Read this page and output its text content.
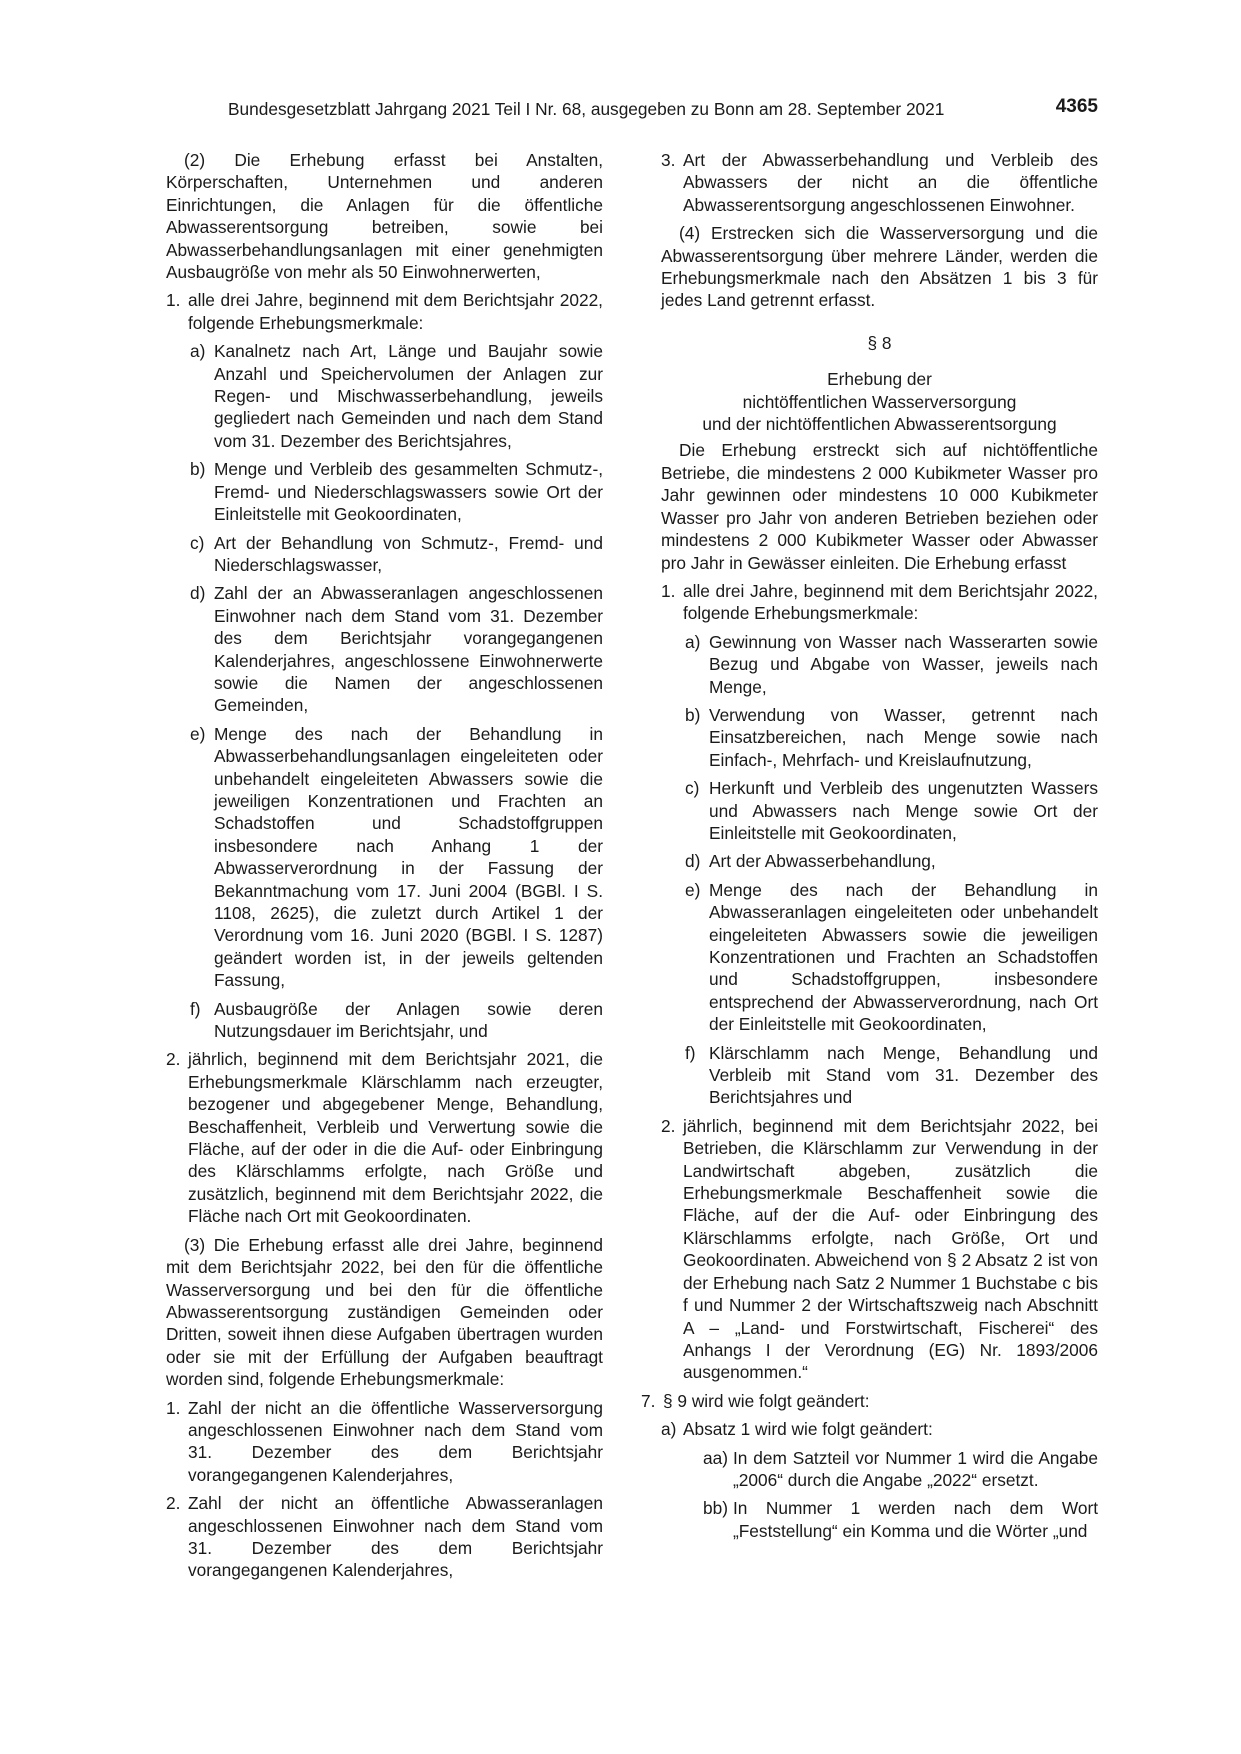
Bundesgesetzblatt Jahrgang 2021 Teil I Nr. 68, ausgegeben zu Bonn am 28. September 2021	4365

(2) Die Erhebung erfasst bei Anstalten, Körperschaften, Unternehmen und anderen Einrichtungen, die Anlagen für die öffentliche Abwasserentsorgung betreiben, sowie bei Abwasserbehandlungsanlagen mit einer genehmigten Ausbaugröße von mehr als 50 Einwohnerwerten,

1. alle drei Jahre, beginnend mit dem Berichtsjahr 2022, folgende Erhebungsmerkmale:
a) Kanalnetz nach Art, Länge und Baujahr sowie Anzahl und Speichervolumen der Anlagen zur Regen- und Mischwasserbehandlung, jeweils gegliedert nach Gemeinden und nach dem Stand vom 31. Dezember des Berichtsjahres,
b) Menge und Verbleib des gesammelten Schmutz-, Fremd- und Niederschlagswassers sowie Ort der Einleitstelle mit Geokoordinaten,
c) Art der Behandlung von Schmutz-, Fremd- und Niederschlagswasser,
d) Zahl der an Abwasseranlagen angeschlossenen Einwohner nach dem Stand vom 31. Dezember des dem Berichtsjahr vorangegangenen Kalenderjahres, angeschlossene Einwohnerwerte sowie die Namen der angeschlossenen Gemeinden,
e) Menge des nach der Behandlung in Abwasserbehandlungsanlagen eingeleiteten oder unbehandelt eingeleiteten Abwassers sowie die jeweiligen Konzentrationen und Frachten an Schadstoffen und Schadstoffgruppen insbesondere nach Anhang 1 der Abwasserverordnung in der Fassung der Bekanntmachung vom 17. Juni 2004 (BGBl. I S. 1108, 2625), die zuletzt durch Artikel 1 der Verordnung vom 16. Juni 2020 (BGBl. I S. 1287) geändert worden ist, in der jeweils geltenden Fassung,
f) Ausbaugröße der Anlagen sowie deren Nutzungsdauer im Berichtsjahr, und
2. jährlich, beginnend mit dem Berichtsjahr 2021, die Erhebungsmerkmale Klärschlamm nach erzeugter, bezogener und abgegebener Menge, Behandlung, Beschaffenheit, Verbleib und Verwertung sowie die Fläche, auf der oder in die die Auf- oder Einbringung des Klärschlamms erfolgte, nach Größe und zusätzlich, beginnend mit dem Berichtsjahr 2022, die Fläche nach Ort mit Geokoordinaten.

(3) Die Erhebung erfasst alle drei Jahre, beginnend mit dem Berichtsjahr 2022, bei den für die öffentliche Wasserversorgung und bei den für die öffentliche Abwasserentsorgung zuständigen Gemeinden oder Dritten, soweit ihnen diese Aufgaben übertragen wurden oder sie mit der Erfüllung der Aufgaben beauftragt worden sind, folgende Erhebungsmerkmale:

1. Zahl der nicht an die öffentliche Wasserversorgung angeschlossenen Einwohner nach dem Stand vom 31. Dezember des dem Berichtsjahr vorangegangenen Kalenderjahres,
2. Zahl der nicht an öffentliche Abwasseranlagen angeschlossenen Einwohner nach dem Stand vom 31. Dezember des dem Berichtsjahr vorangegangenen Kalenderjahres,
3. Art der Abwasserbehandlung und Verbleib des Abwassers der nicht an die öffentliche Abwasserentsorgung angeschlossenen Einwohner.

(4) Erstrecken sich die Wasserversorgung und die Abwasserentsorgung über mehrere Länder, werden die Erhebungsmerkmale nach den Absätzen 1 bis 3 für jedes Land getrennt erfasst.

§ 8

Erhebung der

nichtöffentlichen Wasserversorgung

und der nichtöffentlichen Abwasserentsorgung

Die Erhebung erstreckt sich auf nichtöffentliche Betriebe, die mindestens 2 000 Kubikmeter Wasser pro Jahr gewinnen oder mindestens 10 000 Kubikmeter Wasser pro Jahr von anderen Betrieben beziehen oder mindestens 2 000 Kubikmeter Wasser oder Abwasser pro Jahr in Gewässer einleiten. Die Erhebung erfasst

1. alle drei Jahre, beginnend mit dem Berichtsjahr 2022, folgende Erhebungsmerkmale:
a) Gewinnung von Wasser nach Wasserarten sowie Bezug und Abgabe von Wasser, jeweils nach Menge,
b) Verwendung von Wasser, getrennt nach Einsatzbereichen, nach Menge sowie nach Einfach-, Mehrfach- und Kreislaufnutzung,
c) Herkunft und Verbleib des ungenutzten Wassers und Abwassers nach Menge sowie Ort der Einleitstelle mit Geokoordinaten,
d) Art der Abwasserbehandlung,
e) Menge des nach der Behandlung in Abwasseranlagen eingeleiteten oder unbehandelt eingeleiteten Abwassers sowie die jeweiligen Konzentrationen und Frachten an Schadstoffen und Schadstoffgruppen, insbesondere entsprechend der Abwasserverordnung, nach Ort der Einleitstelle mit Geokoordinaten,
f) Klärschlamm nach Menge, Behandlung und Verbleib mit Stand vom 31. Dezember des Berichtsjahres und
2. jährlich, beginnend mit dem Berichtsjahr 2022, bei Betrieben, die Klärschlamm zur Verwendung in der Landwirtschaft abgeben, zusätzlich die Erhebungsmerkmale Beschaffenheit sowie die Fläche, auf der die Auf- oder Einbringung des Klärschlamms erfolgte, nach Größe, Ort und Geokoordinaten. Abweichend von § 2 Absatz 2 ist von der Erhebung nach Satz 2 Nummer 1 Buchstabe c bis f und Nummer 2 der Wirtschaftszweig nach Abschnitt A – „Land- und Forstwirtschaft, Fischerei“ des Anhangs I der Verordnung (EG) Nr. 1893/2006 ausgenommen.“
7. § 9 wird wie folgt geändert:
a) Absatz 1 wird wie folgt geändert:
aa) In dem Satzteil vor Nummer 1 wird die Angabe „2006“ durch die Angabe „2022“ ersetzt.
bb) In Nummer 1 werden nach dem Wort „Feststellung“ ein Komma und die Wörter „und
